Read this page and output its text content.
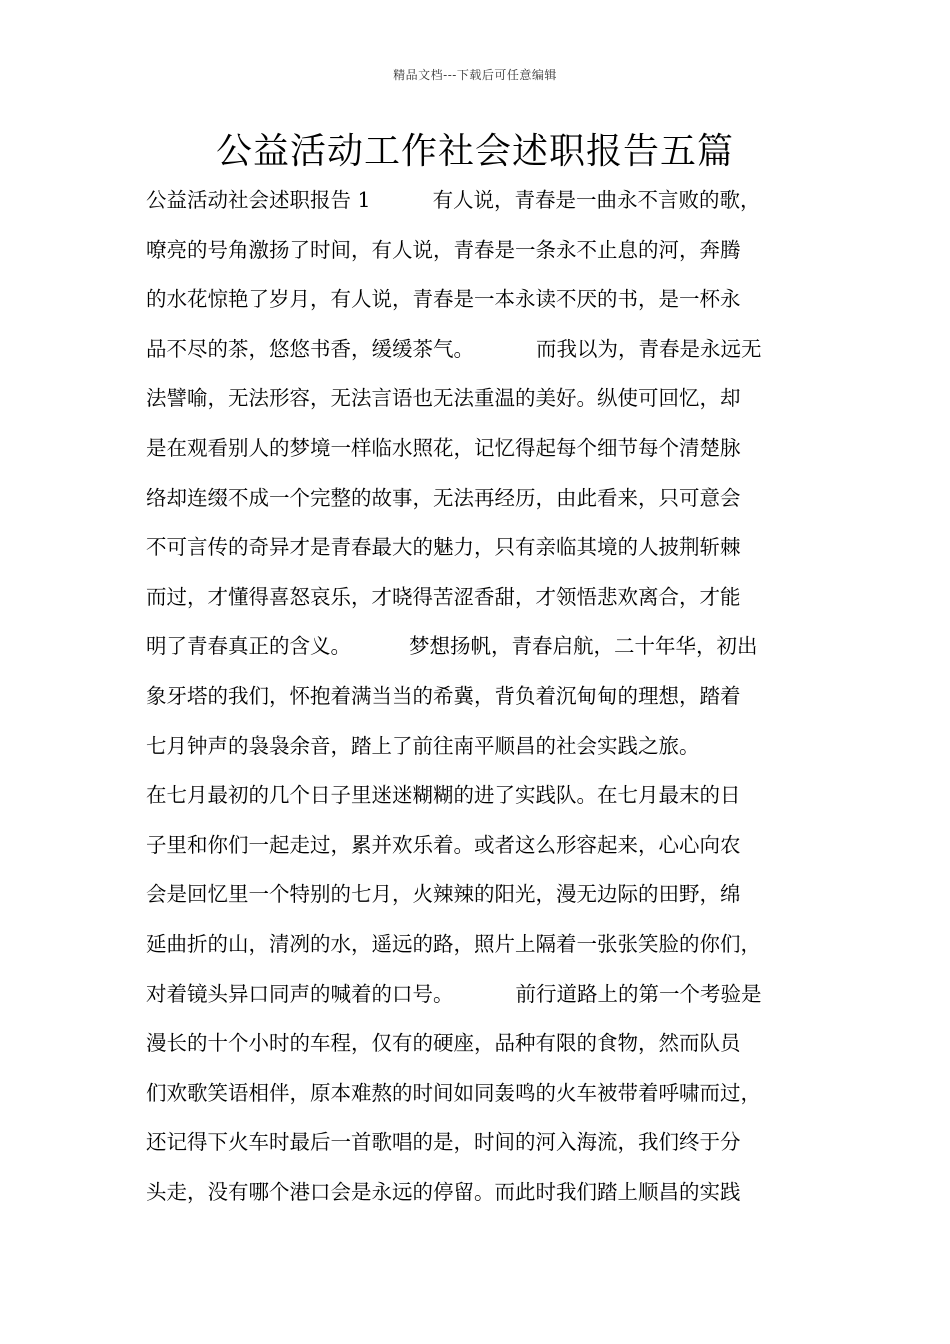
精品文档---下载后可任意编辑
公益活动工作社会述职报告五篇
公益活动社会述职报告 1	有人说，青春是一曲永不言败的歌，
嘹亮的号角激扬了时间，有人说，青春是一条永不止息的河，奔腾
的水花惊艳了岁月，有人说，青春是一本永读不厌的书，是一杯永
品不尽的茶，悠悠书香，缓缓茶气。	而我以为，青春是永远无
法譬喻，无法形容，无法言语也无法重温的美好。纵使可回忆，却
是在观看别人的梦境一样临水照花，记忆得起每个细节每个清楚脉
络却连缀不成一个完整的故事，无法再经历，由此看来，只可意会
不可言传的奇异才是青春最大的魅力，只有亲临其境的人披荆斩棘
而过，才懂得喜怒哀乐，才晓得苦涩香甜，才领悟悲欢离合，才能
明了青春真正的含义。	梦想扬帆，青春启航，二十年华，初出
象牙塔的我们，怀抱着满当当的希冀，背负着沉甸甸的理想，踏着
七月钟声的袅袅余音，踏上了前往南平顺昌的社会实践之旅。
在七月最初的几个日子里迷迷糊糊的进了实践队。在七月最末的日
子里和你们一起走过，累并欢乐着。或者这么形容起来，心心向农
会是回忆里一个特别的七月，火辣辣的阳光，漫无边际的田野，绵
延曲折的山，清冽的水，遥远的路，照片上隔着一张张笑脸的你们，
对着镜头异口同声的喊着的口号。	前行道路上的第一个考验是
漫长的十个小时的车程，仅有的硬座，品种有限的食物，然而队员
们欢歌笑语相伴，原本难熬的时间如同轰鸣的火车被带着呼啸而过，
还记得下火车时最后一首歌唱的是，时间的河入海流，我们终于分
头走，没有哪个港口会是永远的停留。而此时我们踏上顺昌的实践
